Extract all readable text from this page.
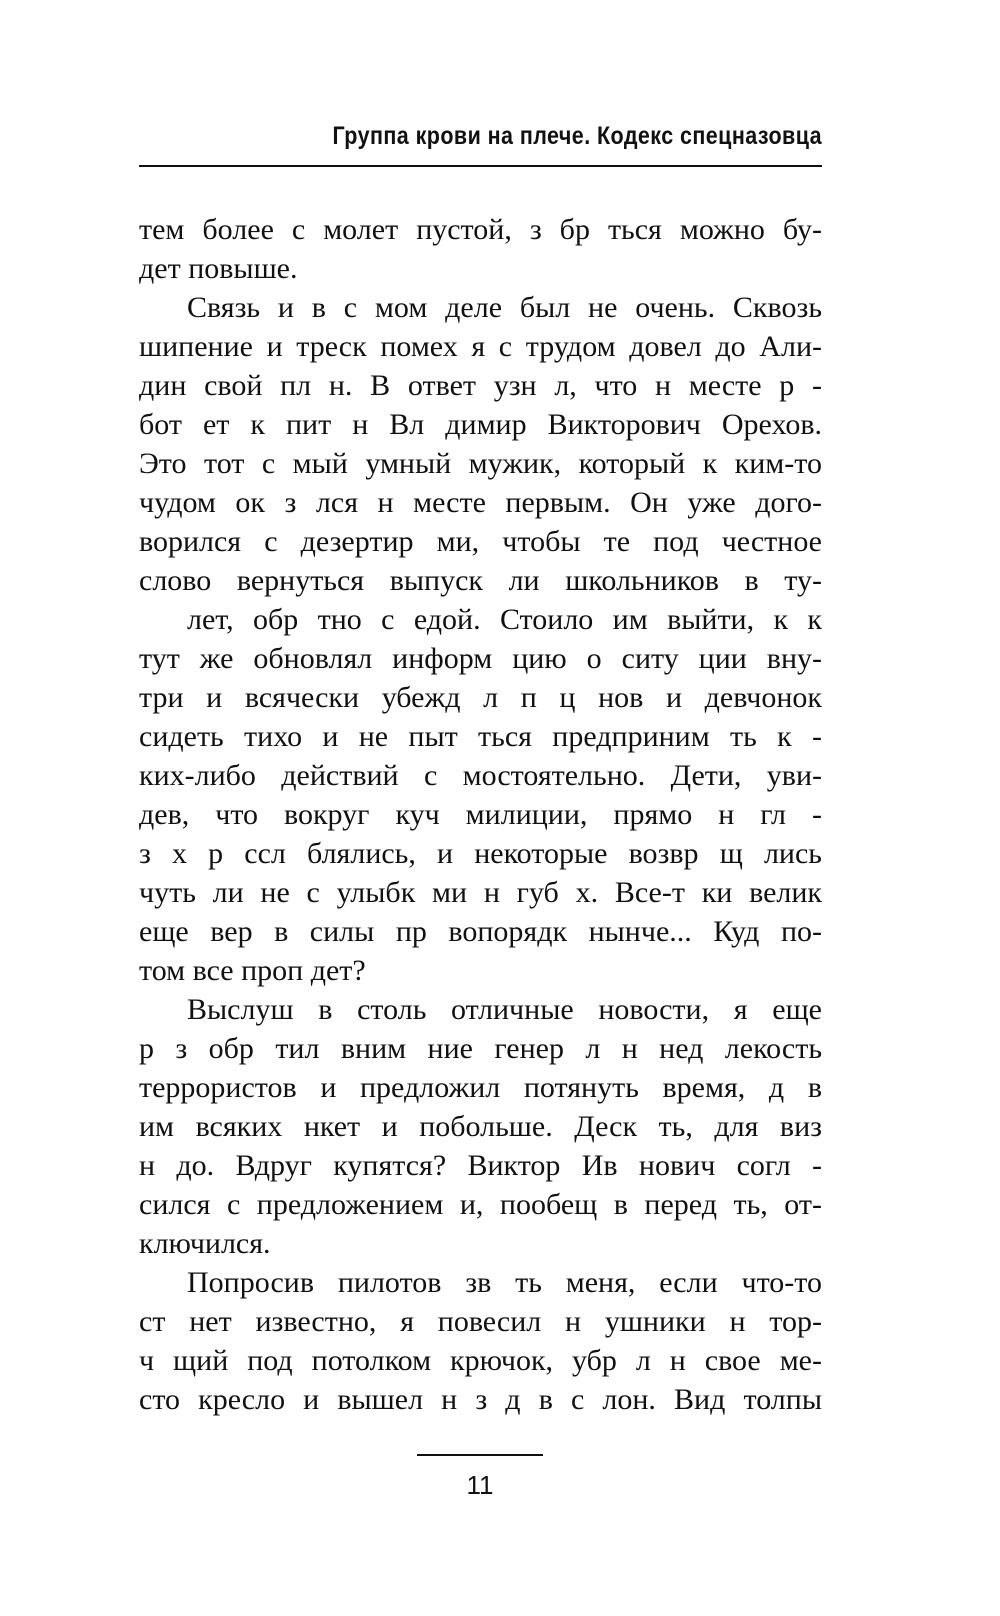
Группа крови на плече. Кодекс спецназовца
тем более с молет пустой, з бр ться можно бу-
дет повыше.
Связь и в с мом деле был не очень. Сквозь
шипение и треск помех я с трудом довел до Али-
дин свой пл н. В ответ узн л, что н месте р -
бот ет к пит н Вл димир Викторович Орехов.
Это тот с мый умный мужик, который к ким-то
чудом ок з лся н месте первым. Он уже дого-
ворился с дезертир ми, чтобы те под честное
слово вернуться выпуск ли школьников в ту-
лет, обр тно с едой. Стоило им выйти, к к
тут же обновлял информ цию о ситу ции вну-
три и всячески убежд л п ц нов и девчонок
сидеть тихо и не пыт ться предприним ть к -
ких-либо действий с мостоятельно. Дети, уви-
дев, что вокруг куч милиции, прямо н гл -
з х р ссл блялись, и некоторые возвр щ лись
чуть ли не с улыбк ми н губ х. Все-т ки велик
еще вер в силы пр вопорядк нынче... Куд по-
том все проп дет?
Выслуш в столь отличные новости, я еще
р з обр тил вним ние генер л н нед лекость
террористов и предложил потянуть время, д в
им всяких нкет и побольше. Деск ть, для виз
н до. Вдруг купятся? Виктор Ив нович согл -
сился с предложением и, пообещ в перед ть, от-
ключился.
Попросив пилотов зв ть меня, если что-то
ст нет известно, я повесил н ушники н тор-
ч щий под потолком крючок, убр л н свое ме-
сто кресло и вышел н з д в с лон. Вид толпы
11
